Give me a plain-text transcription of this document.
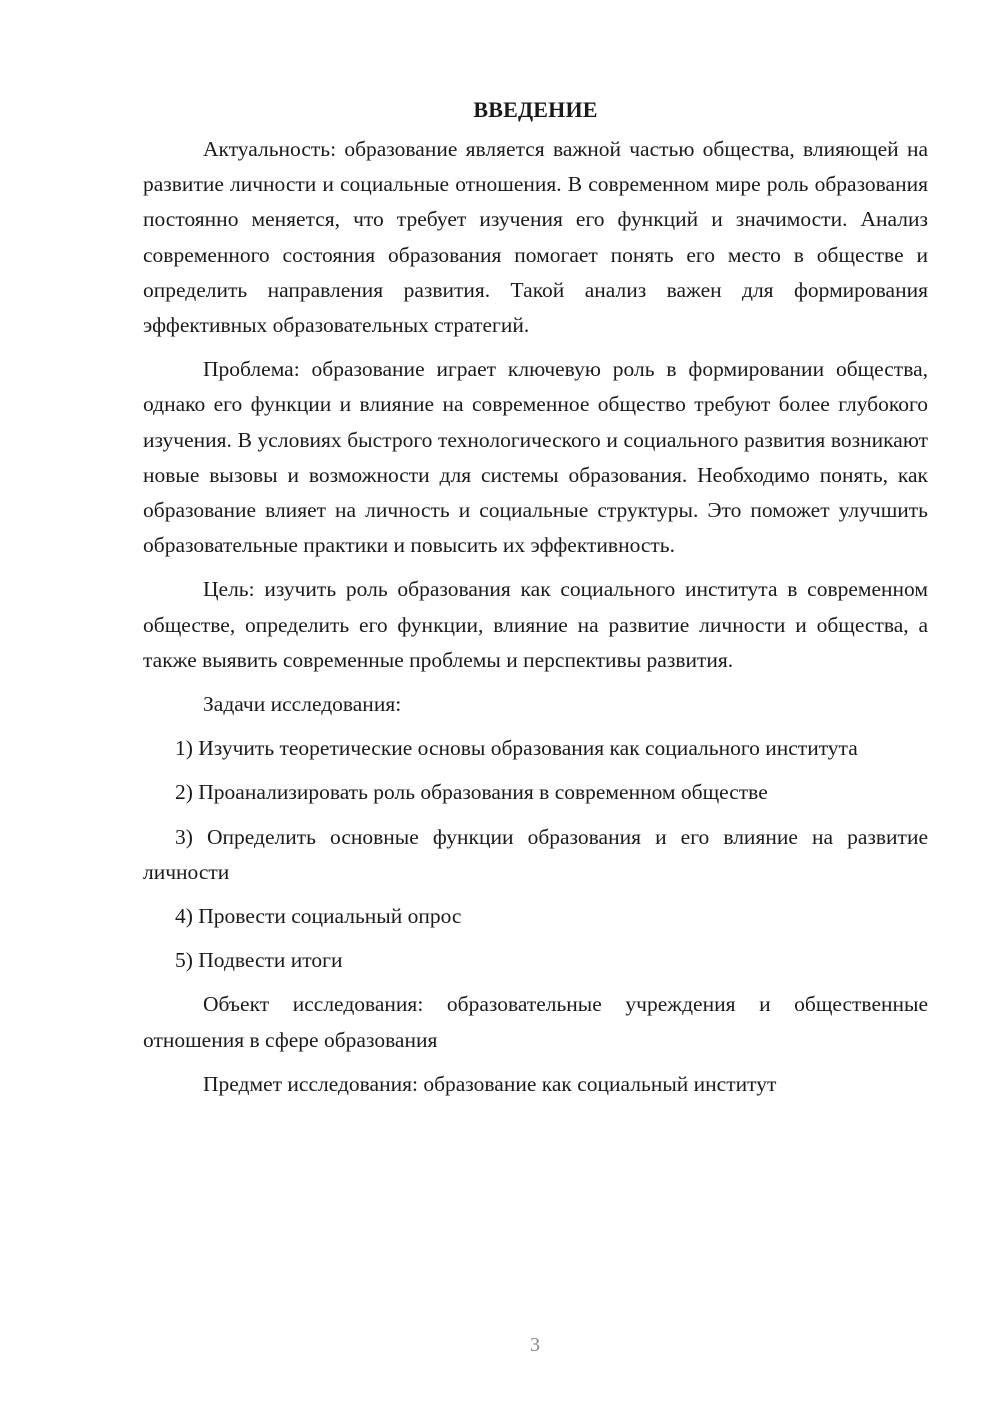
ВВЕДЕНИЕ

Актуальность: образование является важной частью общества, влияющей на развитие личности и социальные отношения. В современном мире роль образования постоянно меняется, что требует изучения его функций и значимости. Анализ современного состояния образования помогает понять его место в обществе и определить направления развития. Такой анализ важен для формирования эффективных образовательных стратегий.

Проблема: образование играет ключевую роль в формировании общества, однако его функции и влияние на современное общество требуют более глубокого изучения. В условиях быстрого технологического и социального развития возникают новые вызовы и возможности для системы образования. Необходимо понять, как образование влияет на личность и социальные структуры. Это поможет улучшить образовательные практики и повысить их эффективность.

Цель: изучить роль образования как социального института в современном обществе, определить его функции, влияние на развитие личности и общества, а также выявить современные проблемы и перспективы развития.

Задачи исследования:

1) Изучить теоретические основы образования как социального института

2) Проанализировать роль образования в современном обществе

3) Определить основные функции образования и его влияние на развитие личности

4) Провести социальный опрос

5) Подвести итоги

Объект исследования: образовательные учреждения и общественные отношения в сфере образования

Предмет исследования: образование как социальный институт

3
